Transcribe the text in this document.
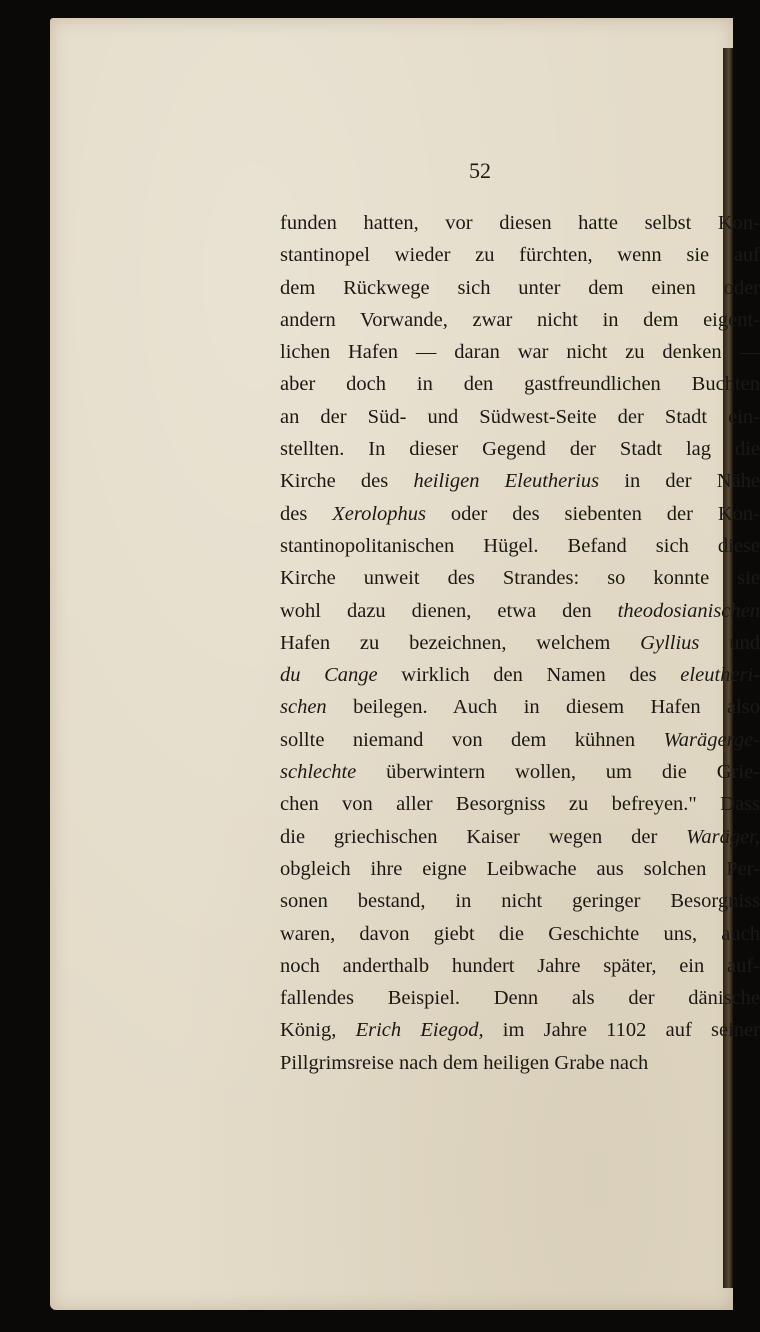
52
funden hatten, vor diesen hatte selbst Kon-
stantinopel wieder zu fürchten, wenn sie auf
dem Rückwege sich unter dem einen oder
andern Vorwande, zwar nicht in dem eigent-
lichen Hafen — daran war nicht zu denken —
aber doch in den gastfreundlichen Buchten
an der Süd- und Südwest-Seite der Stadt ein-
stellten. In dieser Gegend der Stadt lag die
Kirche des heiligen Eleutherius in der Nähe
des Xerolophus oder des siebenten der Kon-
stantinopolitanischen Hügel. Befand sich diese
Kirche unweit des Strandes: so konnte sie
wohl dazu dienen, etwa den theodosianischen
Hafen zu bezeichnen, welchem Gyllius und
du Cange wirklich den Namen des eleutheri-
schen beilegen. Auch in diesem Hafen also
sollte niemand von dem kühnen Warägerge-
schlechte überwintern wollen, um die Grie-
chen von aller Besorgniss zu befreyen." Dass
die griechischen Kaiser wegen der Waräger,
obgleich ihre eigne Leibwache aus solchen Per-
sonen bestand, in nicht geringer Besorgniss
waren, davon giebt die Geschichte uns, auch
noch anderthalb hundert Jahre später, ein auf-
fallendes Beispiel. Denn als der dänische
König, Erich Eiegod, im Jahre 1102 auf seiner
Pillgrimsreise nach dem heiligen Grabe nach
